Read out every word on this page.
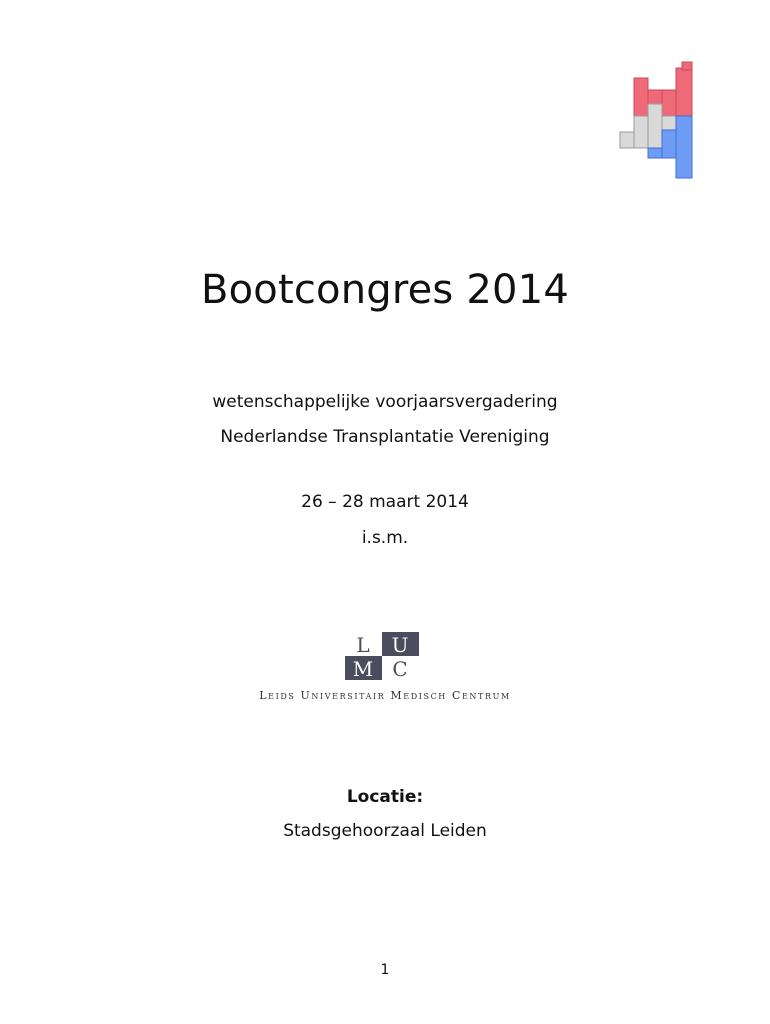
Bootcongres 2014
wetenschappelijke voorjaarsvergadering
Nederlandse Transplantatie Vereniging
26 – 28 maart 2014
i.s.m.
L U
M C
Leids Universitair Medisch Centrum
Locatie:
Stadsgehoorzaal Leiden
1
